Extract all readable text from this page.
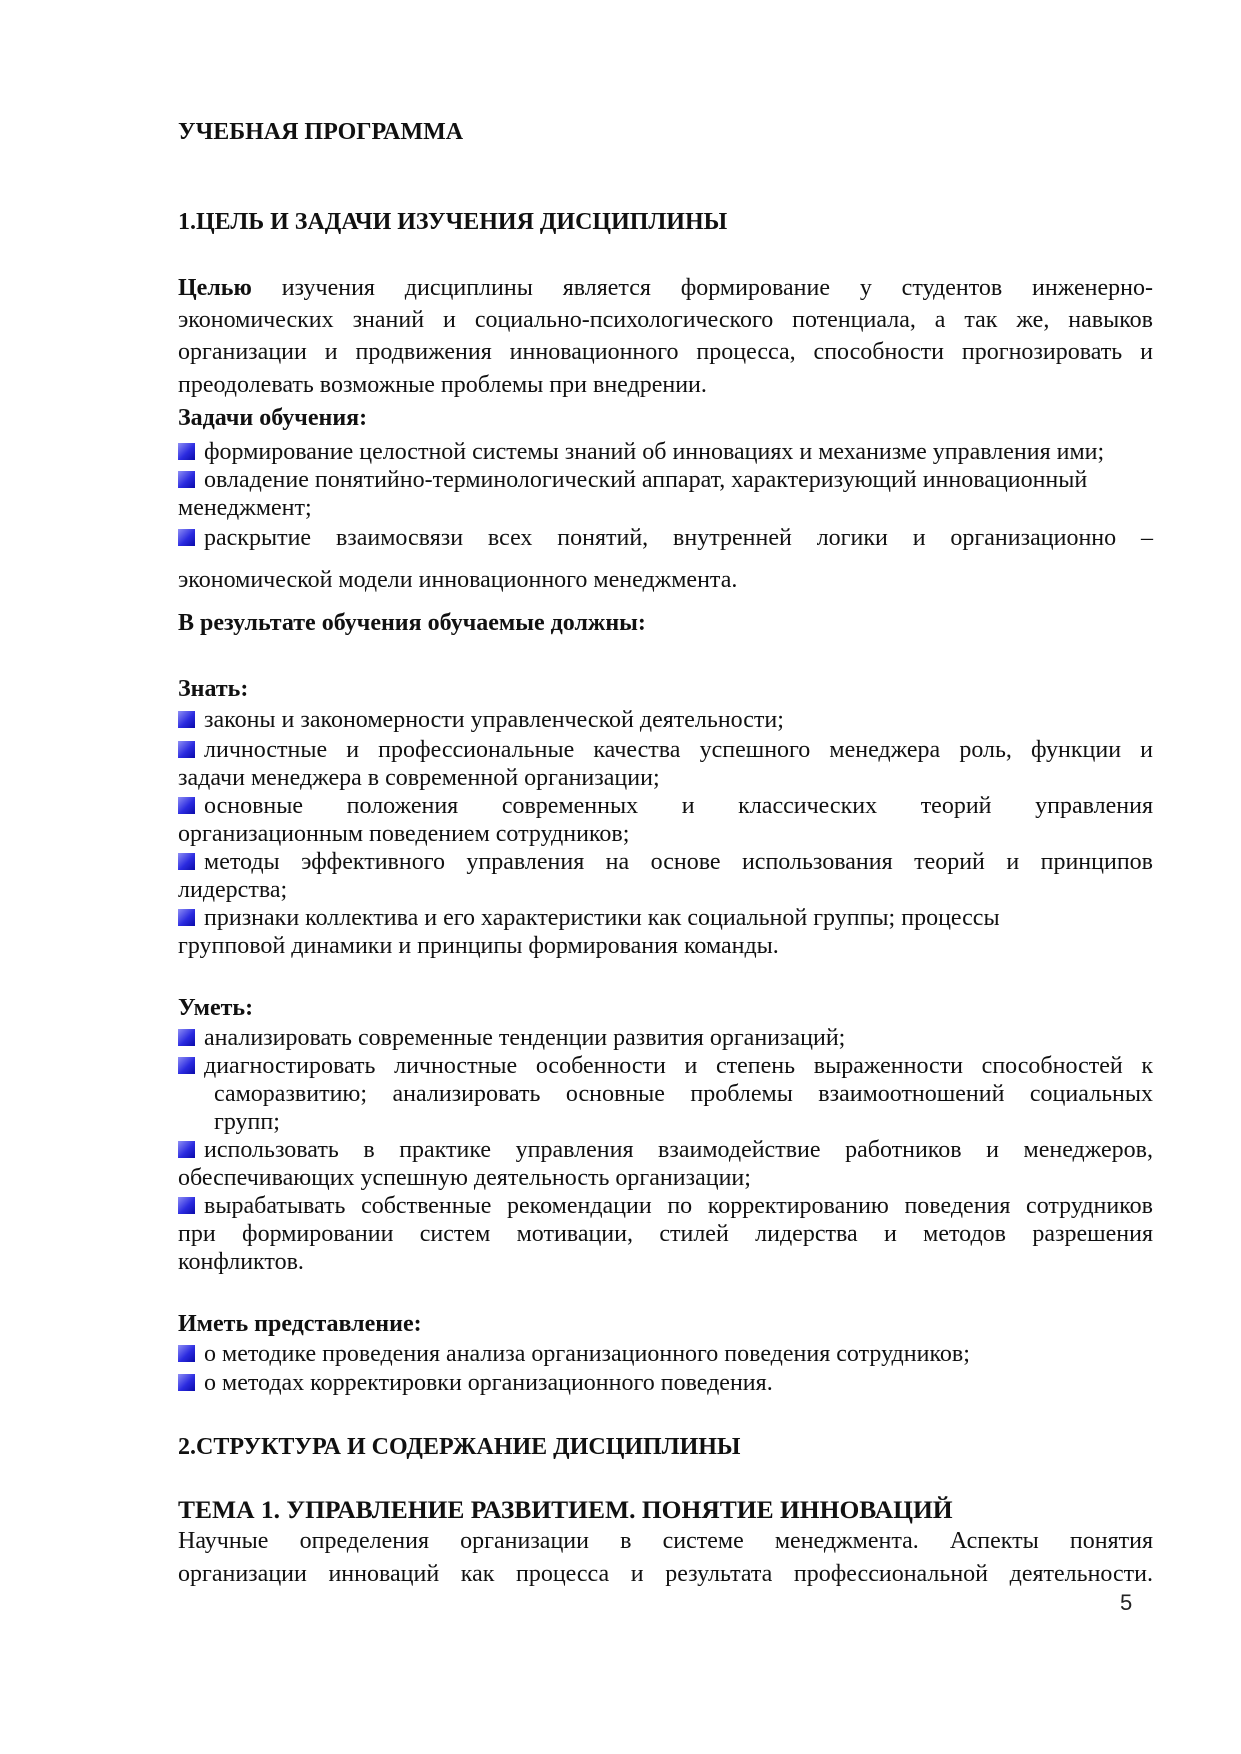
УЧЕБНАЯ ПРОГРАММА

1.ЦЕЛЬ И ЗАДАЧИ ИЗУЧЕНИЯ ДИСЦИПЛИНЫ

Целью изучения дисциплины является формирование у студентов инженерно-

экономических знаний и социально-психологического потенциала, а так же, навыков

организации и продвижения инновационного процесса, способности прогнозировать и

преодолевать возможные проблемы при внедрении.

Задачи обучения:

формирование целостной системы знаний об инновациях и механизме управления ими;

овладение понятийно-терминологический аппарат, характеризующий инновационный

менеджмент;

раскрытие взаимосвязи всех понятий, внутренней логики и организационно –

экономической модели инновационного менеджмента.

В результате обучения обучаемые должны:

Знать:

законы и закономерности управленческой деятельности;

личностные и профессиональные качества успешного менеджера роль, функции и

задачи менеджера в современной организации;

основные положения современных и классических теорий управления

организационным поведением сотрудников;

методы эффективного управления на основе использования теорий и принципов

лидерства;

признаки коллектива и его характеристики как социальной группы; процессы

групповой динамики и принципы формирования команды.

Уметь:

анализировать современные тенденции развития организаций;

диагностировать личностные особенности и степень выраженности способностей к

саморазвитию; анализировать основные проблемы взаимоотношений социальных

групп;

использовать в практике управления взаимодействие работников и менеджеров,

обеспечивающих успешную деятельность организации;

вырабатывать собственные рекомендации по корректированию поведения сотрудников

при формировании систем мотивации, стилей лидерства и методов разрешения

конфликтов.

Иметь представление:

о методике проведения анализа организационного поведения сотрудников;

о методах корректировки организационного поведения.

2.СТРУКТУРА И СОДЕРЖАНИЕ ДИСЦИПЛИНЫ

ТЕМА 1. УПРАВЛЕНИЕ РАЗВИТИЕМ. ПОНЯТИЕ ИННОВАЦИЙ

Научные определения организации в системе менеджмента. Аспекты понятия

организации инноваций как процесса и результата профессиональной деятельности.

5
